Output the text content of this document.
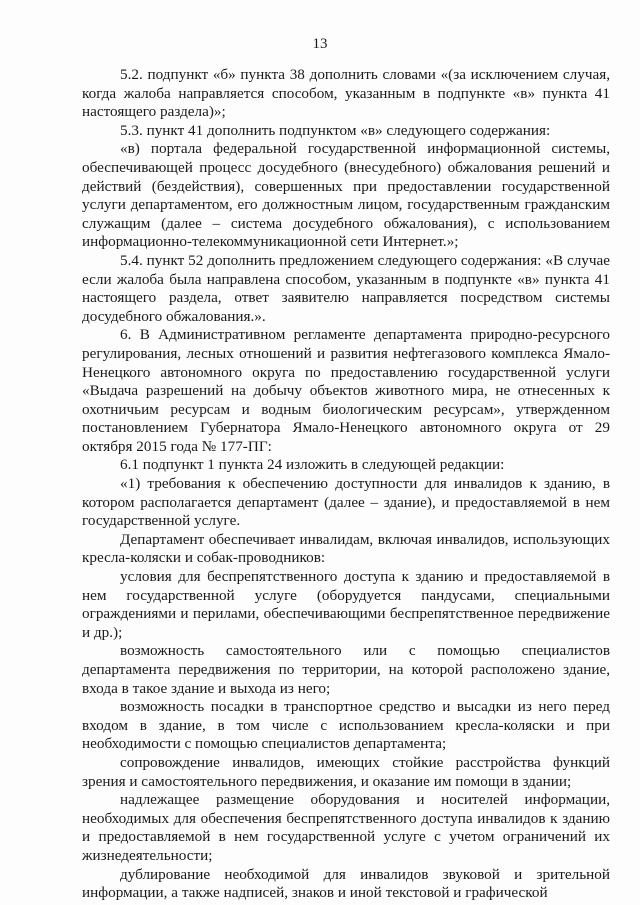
13

5.2. подпункт «б» пункта 38 дополнить словами «(за исключением случая, когда жалоба направляется способом, указанным в подпункте «в» пункта 41 настоящего раздела)»;

5.3. пункт 41 дополнить подпунктом «в» следующего содержания:

«в) портала федеральной государственной информационной системы, обеспечивающей процесс досудебного (внесудебного) обжалования решений и действий (бездействия), совершенных при предоставлении государственной услуги департаментом, его должностным лицом, государственным гражданским служащим (далее – система досудебного обжалования), с использованием информационно-телекоммуникационной сети Интернет.»;

5.4. пункт 52 дополнить предложением следующего содержания: «В случае если жалоба была направлена способом, указанным в подпункте «в» пункта 41 настоящего раздела, ответ заявителю направляется посредством системы досудебного обжалования.».

6. В Административном регламенте департамента природно-ресурсного регулирования, лесных отношений и развития нефтегазового комплекса Ямало-Ненецкого автономного округа по предоставлению государственной услуги «Выдача разрешений на добычу объектов животного мира, не отнесенных к охотничьим ресурсам и водным биологическим ресурсам», утвержденном постановлением Губернатора Ямало-Ненецкого автономного округа от 29 октября 2015 года № 177-ПГ:

6.1 подпункт 1 пункта 24 изложить в следующей редакции:

«1) требования к обеспечению доступности для инвалидов к зданию, в котором располагается департамент (далее – здание), и предоставляемой в нем государственной услуге.

Департамент обеспечивает инвалидам, включая инвалидов, использующих кресла-коляски и собак-проводников:

условия для беспрепятственного доступа к зданию и предоставляемой в нем государственной услуге (оборудуется пандусами, специальными ограждениями и перилами, обеспечивающими беспрепятственное передвижение и др.);

возможность самостоятельного или с помощью специалистов департамента передвижения по территории, на которой расположено здание, входа в такое здание и выхода из него;

возможность посадки в транспортное средство и высадки из него перед входом в здание, в том числе с использованием кресла-коляски и при необходимости с помощью специалистов департамента;

сопровождение инвалидов, имеющих стойкие расстройства функций зрения и самостоятельного передвижения, и оказание им помощи в здании;

надлежащее размещение оборудования и носителей информации, необходимых для обеспечения беспрепятственного доступа инвалидов к зданию и предоставляемой в нем государственной услуге с учетом ограничений их жизнедеятельности;

дублирование необходимой для инвалидов звуковой и зрительной информации, а также надписей, знаков и иной текстовой и графической
